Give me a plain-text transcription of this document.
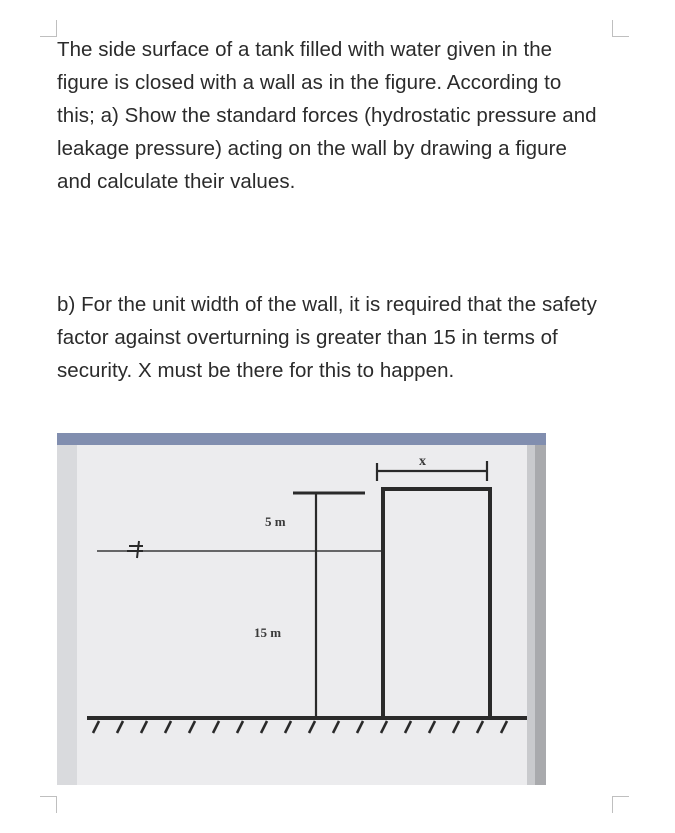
The side surface of a tank filled with water given in the figure is closed with a wall as in the figure. According to this; a) Show the standard forces (hydrostatic pressure and leakage pressure) acting on the wall by drawing a figure and calculate their values.

b) For the unit width of the wall, it is required that the safety factor against overturning is greater than 15 in terms of security. X must be there for this to happen.

5 m
15 m
x
